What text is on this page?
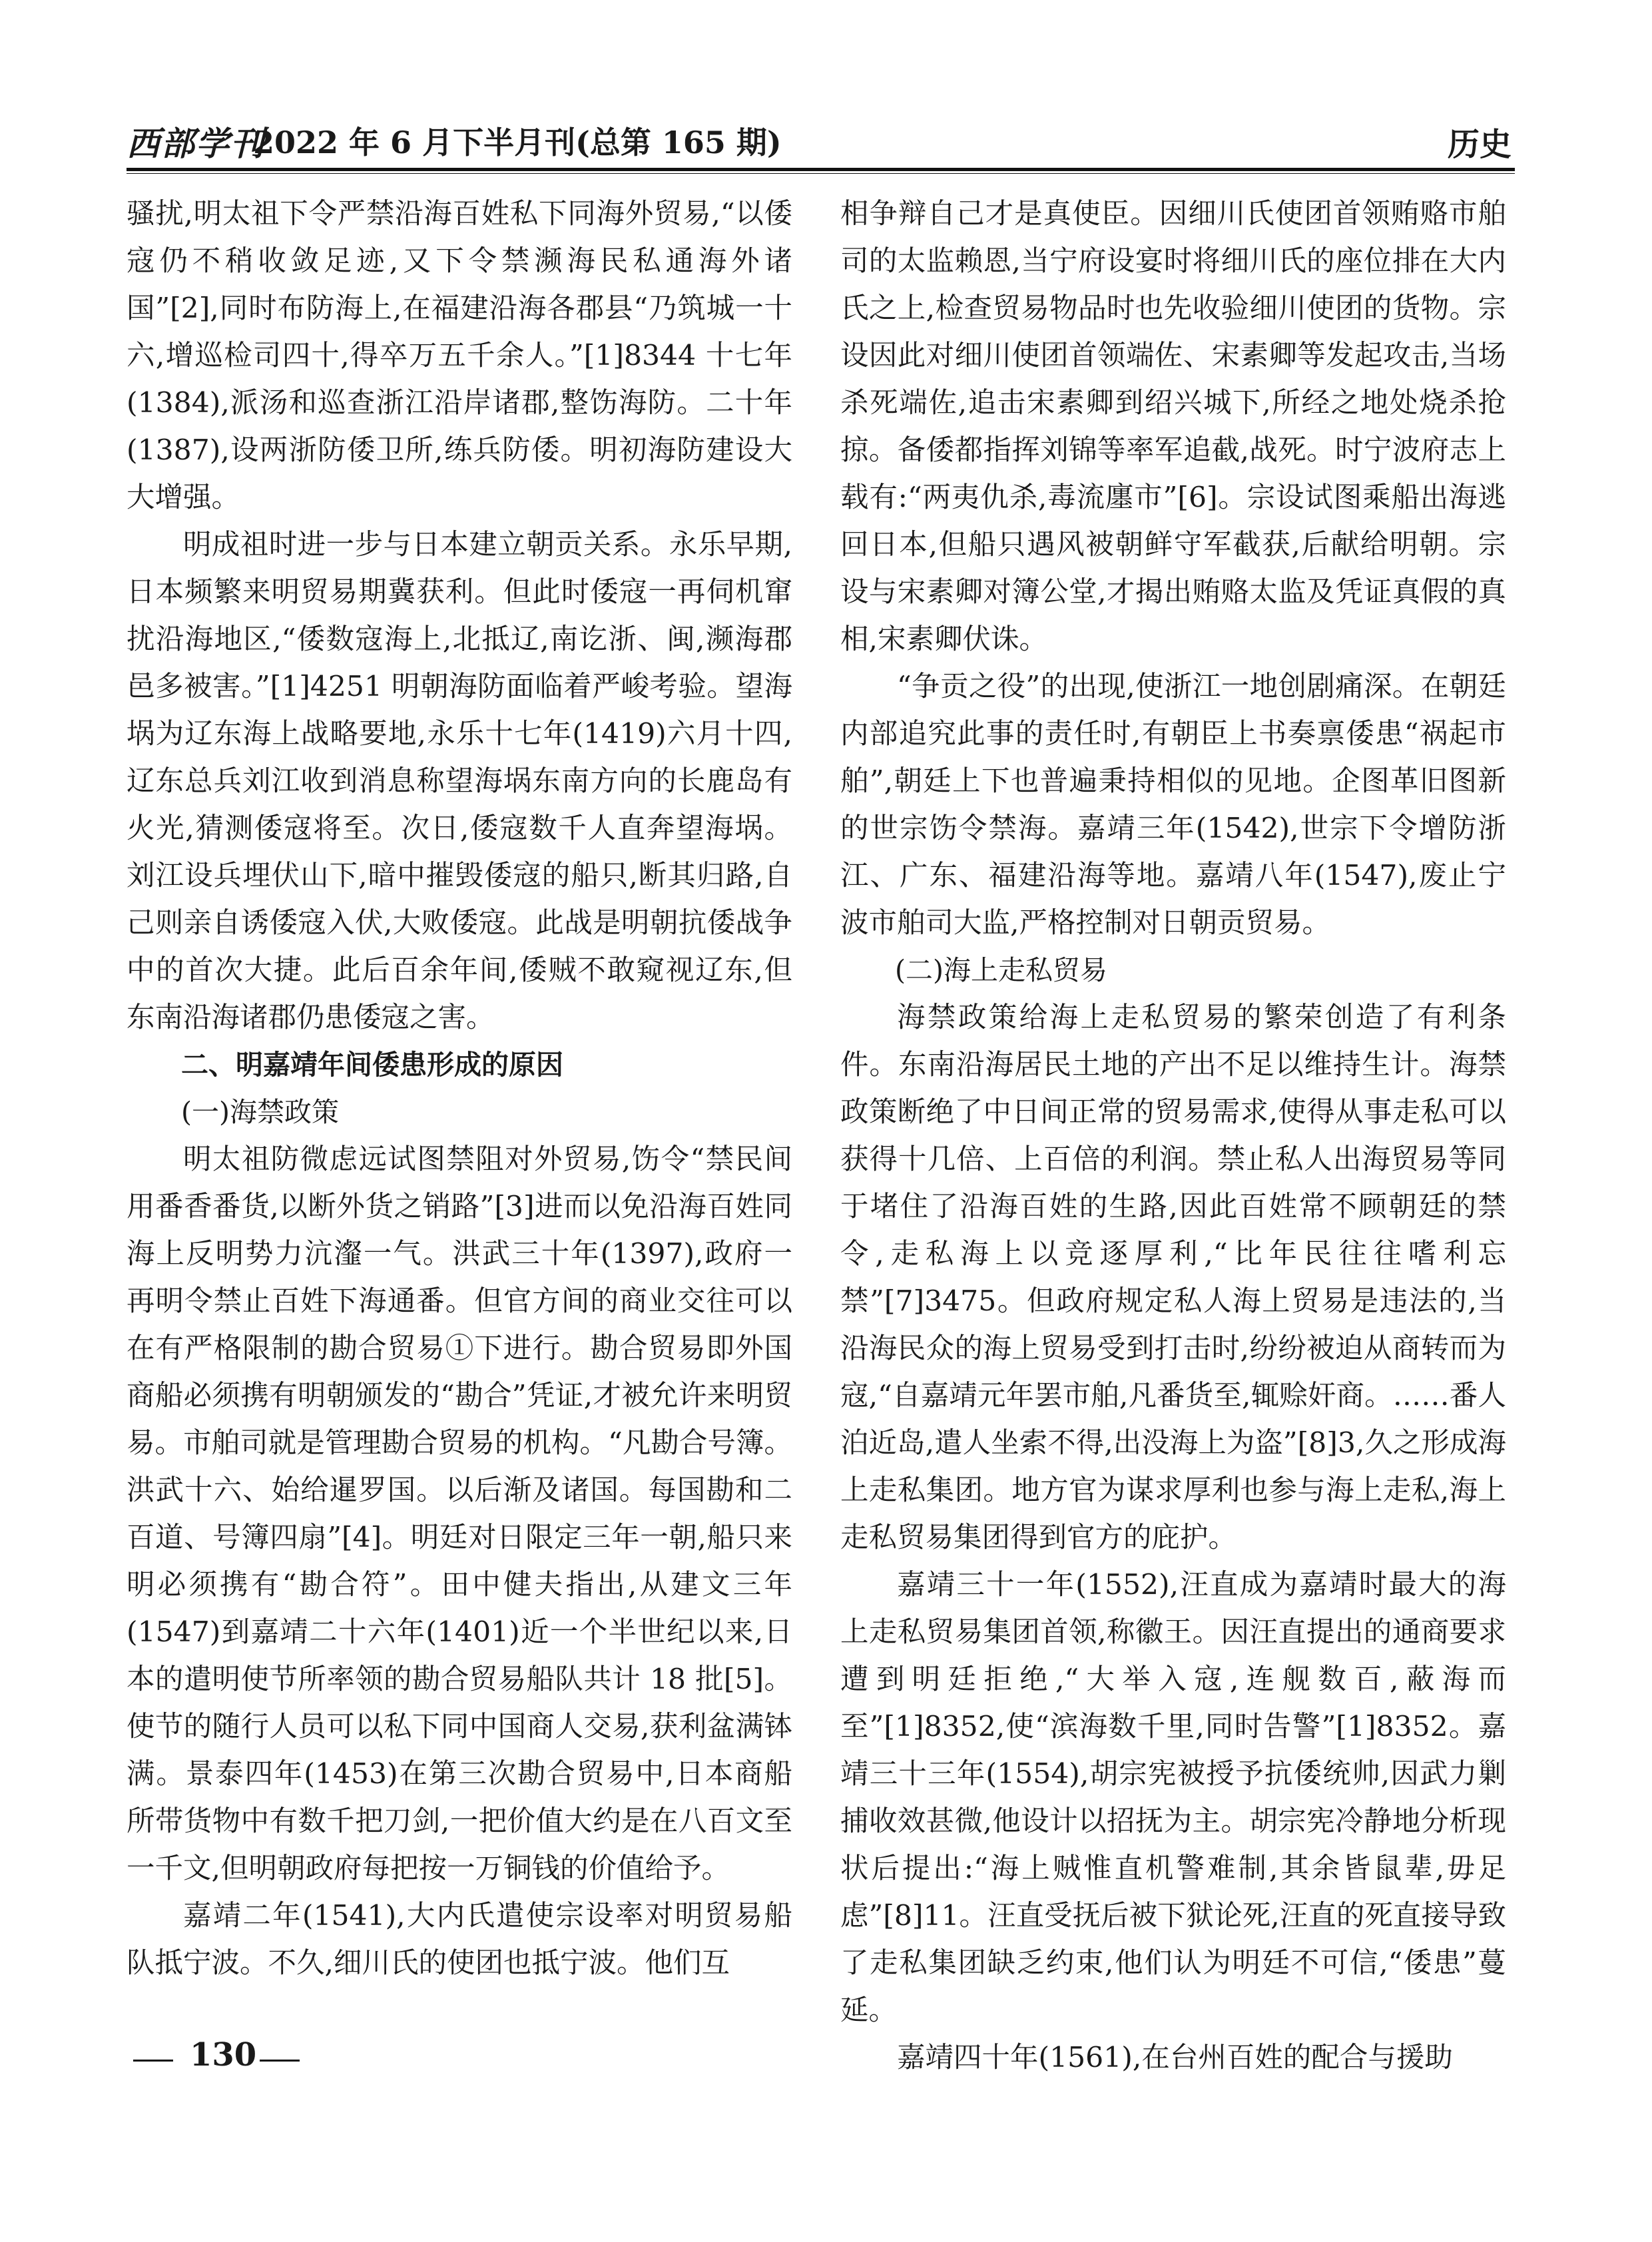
西部学刊
2022 年 6 月下半月刊(总第 165 期)	历史

骚扰,明太祖下令严禁沿海百姓私下同海外贸易,“以倭寇仍不稍收敛足迹,又下令禁濒海民私通海外诸国”[2],同时布防海上,在福建沿海各郡县“乃筑城一十六,增巡检司四十,得卒万五千余人。”[1]8344 十七年(1384),派汤和巡查浙江沿岸诸郡,整饬海防。二十年(1387),设两浙防倭卫所,练兵防倭。明初海防建设大大增强。

明成祖时进一步与日本建立朝贡关系。永乐早期,日本频繁来明贸易期冀获利。但此时倭寇一再伺机窜扰沿海地区,“倭数寇海上,北抵辽,南讫浙、闽,濒海郡邑多被害。”[1]4251 明朝海防面临着严峻考验。望海埚为辽东海上战略要地,永乐十七年(1419)六月十四,辽东总兵刘江收到消息称望海埚东南方向的长鹿岛有火光,猜测倭寇将至。次日,倭寇数千人直奔望海埚。刘江设兵埋伏山下,暗中摧毁倭寇的船只,断其归路,自己则亲自诱倭寇入伏,大败倭寇。此战是明朝抗倭战争中的首次大捷。此后百余年间,倭贼不敢窥视辽东,但东南沿海诸郡仍患倭寇之害。

二、明嘉靖年间倭患形成的原因

(一)海禁政策

明太祖防微虑远试图禁阻对外贸易,饬令“禁民间用番香番货,以断外货之销路”[3]进而以免沿海百姓同海上反明势力沆瀣一气。洪武三十年(1397),政府一再明令禁止百姓下海通番。但官方间的商业交往可以在有严格限制的勘合贸易①下进行。勘合贸易即外国商船必须携有明朝颁发的“勘合”凭证,才被允许来明贸易。市舶司就是管理勘合贸易的机构。“凡勘合号簿。洪武十六、始给暹罗国。以后渐及诸国。每国勘和二百道、号簿四扇”[4]。明廷对日限定三年一朝,船只来明必须携有“勘合符”。田中健夫指出,从建文三年(1547)到嘉靖二十六年(1401)近一个半世纪以来,日本的遣明使节所率领的勘合贸易船队共计 18 批[5]。使节的随行人员可以私下同中国商人交易,获利盆满钵满。景泰四年(1453)在第三次勘合贸易中,日本商船所带货物中有数千把刀剑,一把价值大约是在八百文至一千文,但明朝政府每把按一万铜钱的价值给予。

嘉靖二年(1541),大内氏遣使宗设率对明贸易船队抵宁波。不久,细川氏的使团也抵宁波。他们互

相争辩自己才是真使臣。因细川氏使团首领贿赂市舶司的太监赖恩,当宁府设宴时将细川氏的座位排在大内氏之上,检查贸易物品时也先收验细川使团的货物。宗设因此对细川使团首领端佐、宋素卿等发起攻击,当场杀死端佐,追击宋素卿到绍兴城下,所经之地处烧杀抢掠。备倭都指挥刘锦等率军追截,战死。时宁波府志上载有:“两夷仇杀,毒流廛市”[6]。宗设试图乘船出海逃回日本,但船只遇风被朝鲜守军截获,后献给明朝。宗设与宋素卿对簿公堂,才揭出贿赂太监及凭证真假的真相,宋素卿伏诛。

“争贡之役”的出现,使浙江一地创剧痛深。在朝廷内部追究此事的责任时,有朝臣上书奏禀倭患“祸起市舶”,朝廷上下也普遍秉持相似的见地。企图革旧图新的世宗饬令禁海。嘉靖三年(1542),世宗下令增防浙江、广东、福建沿海等地。嘉靖八年(1547),废止宁波市舶司大监,严格控制对日朝贡贸易。

(二)海上走私贸易

海禁政策给海上走私贸易的繁荣创造了有利条件。东南沿海居民土地的产出不足以维持生计。海禁政策断绝了中日间正常的贸易需求,使得从事走私可以获得十几倍、上百倍的利润。禁止私人出海贸易等同于堵住了沿海百姓的生路,因此百姓常不顾朝廷的禁令,走私海上以竞逐厚利,“比年民往往嗜利忘禁”[7]3475。但政府规定私人海上贸易是违法的,当沿海民众的海上贸易受到打击时,纷纷被迫从商转而为寇,“自嘉靖元年罢市舶,凡番货至,辄赊奸商。……番人泊近岛,遣人坐索不得,出没海上为盗”[8]3,久之形成海上走私集团。地方官为谋求厚利也参与海上走私,海上走私贸易集团得到官方的庇护。

嘉靖三十一年(1552),汪直成为嘉靖时最大的海上走私贸易集团首领,称徽王。因汪直提出的通商要求遭到明廷拒绝,“大举入寇,连舰数百,蔽海而至”[1]8352,使“滨海数千里,同时告警”[1]8352。嘉靖三十三年(1554),胡宗宪被授予抗倭统帅,因武力剿捕收效甚微,他设计以招抚为主。胡宗宪冷静地分析现状后提出:“海上贼惟直机警难制,其余皆鼠辈,毋足虑”[8]11。汪直受抚后被下狱论死,汪直的死直接导致了走私集团缺乏约束,他们认为明廷不可信,“倭患”蔓延。

嘉靖四十年(1561),在台州百姓的配合与援助

130
